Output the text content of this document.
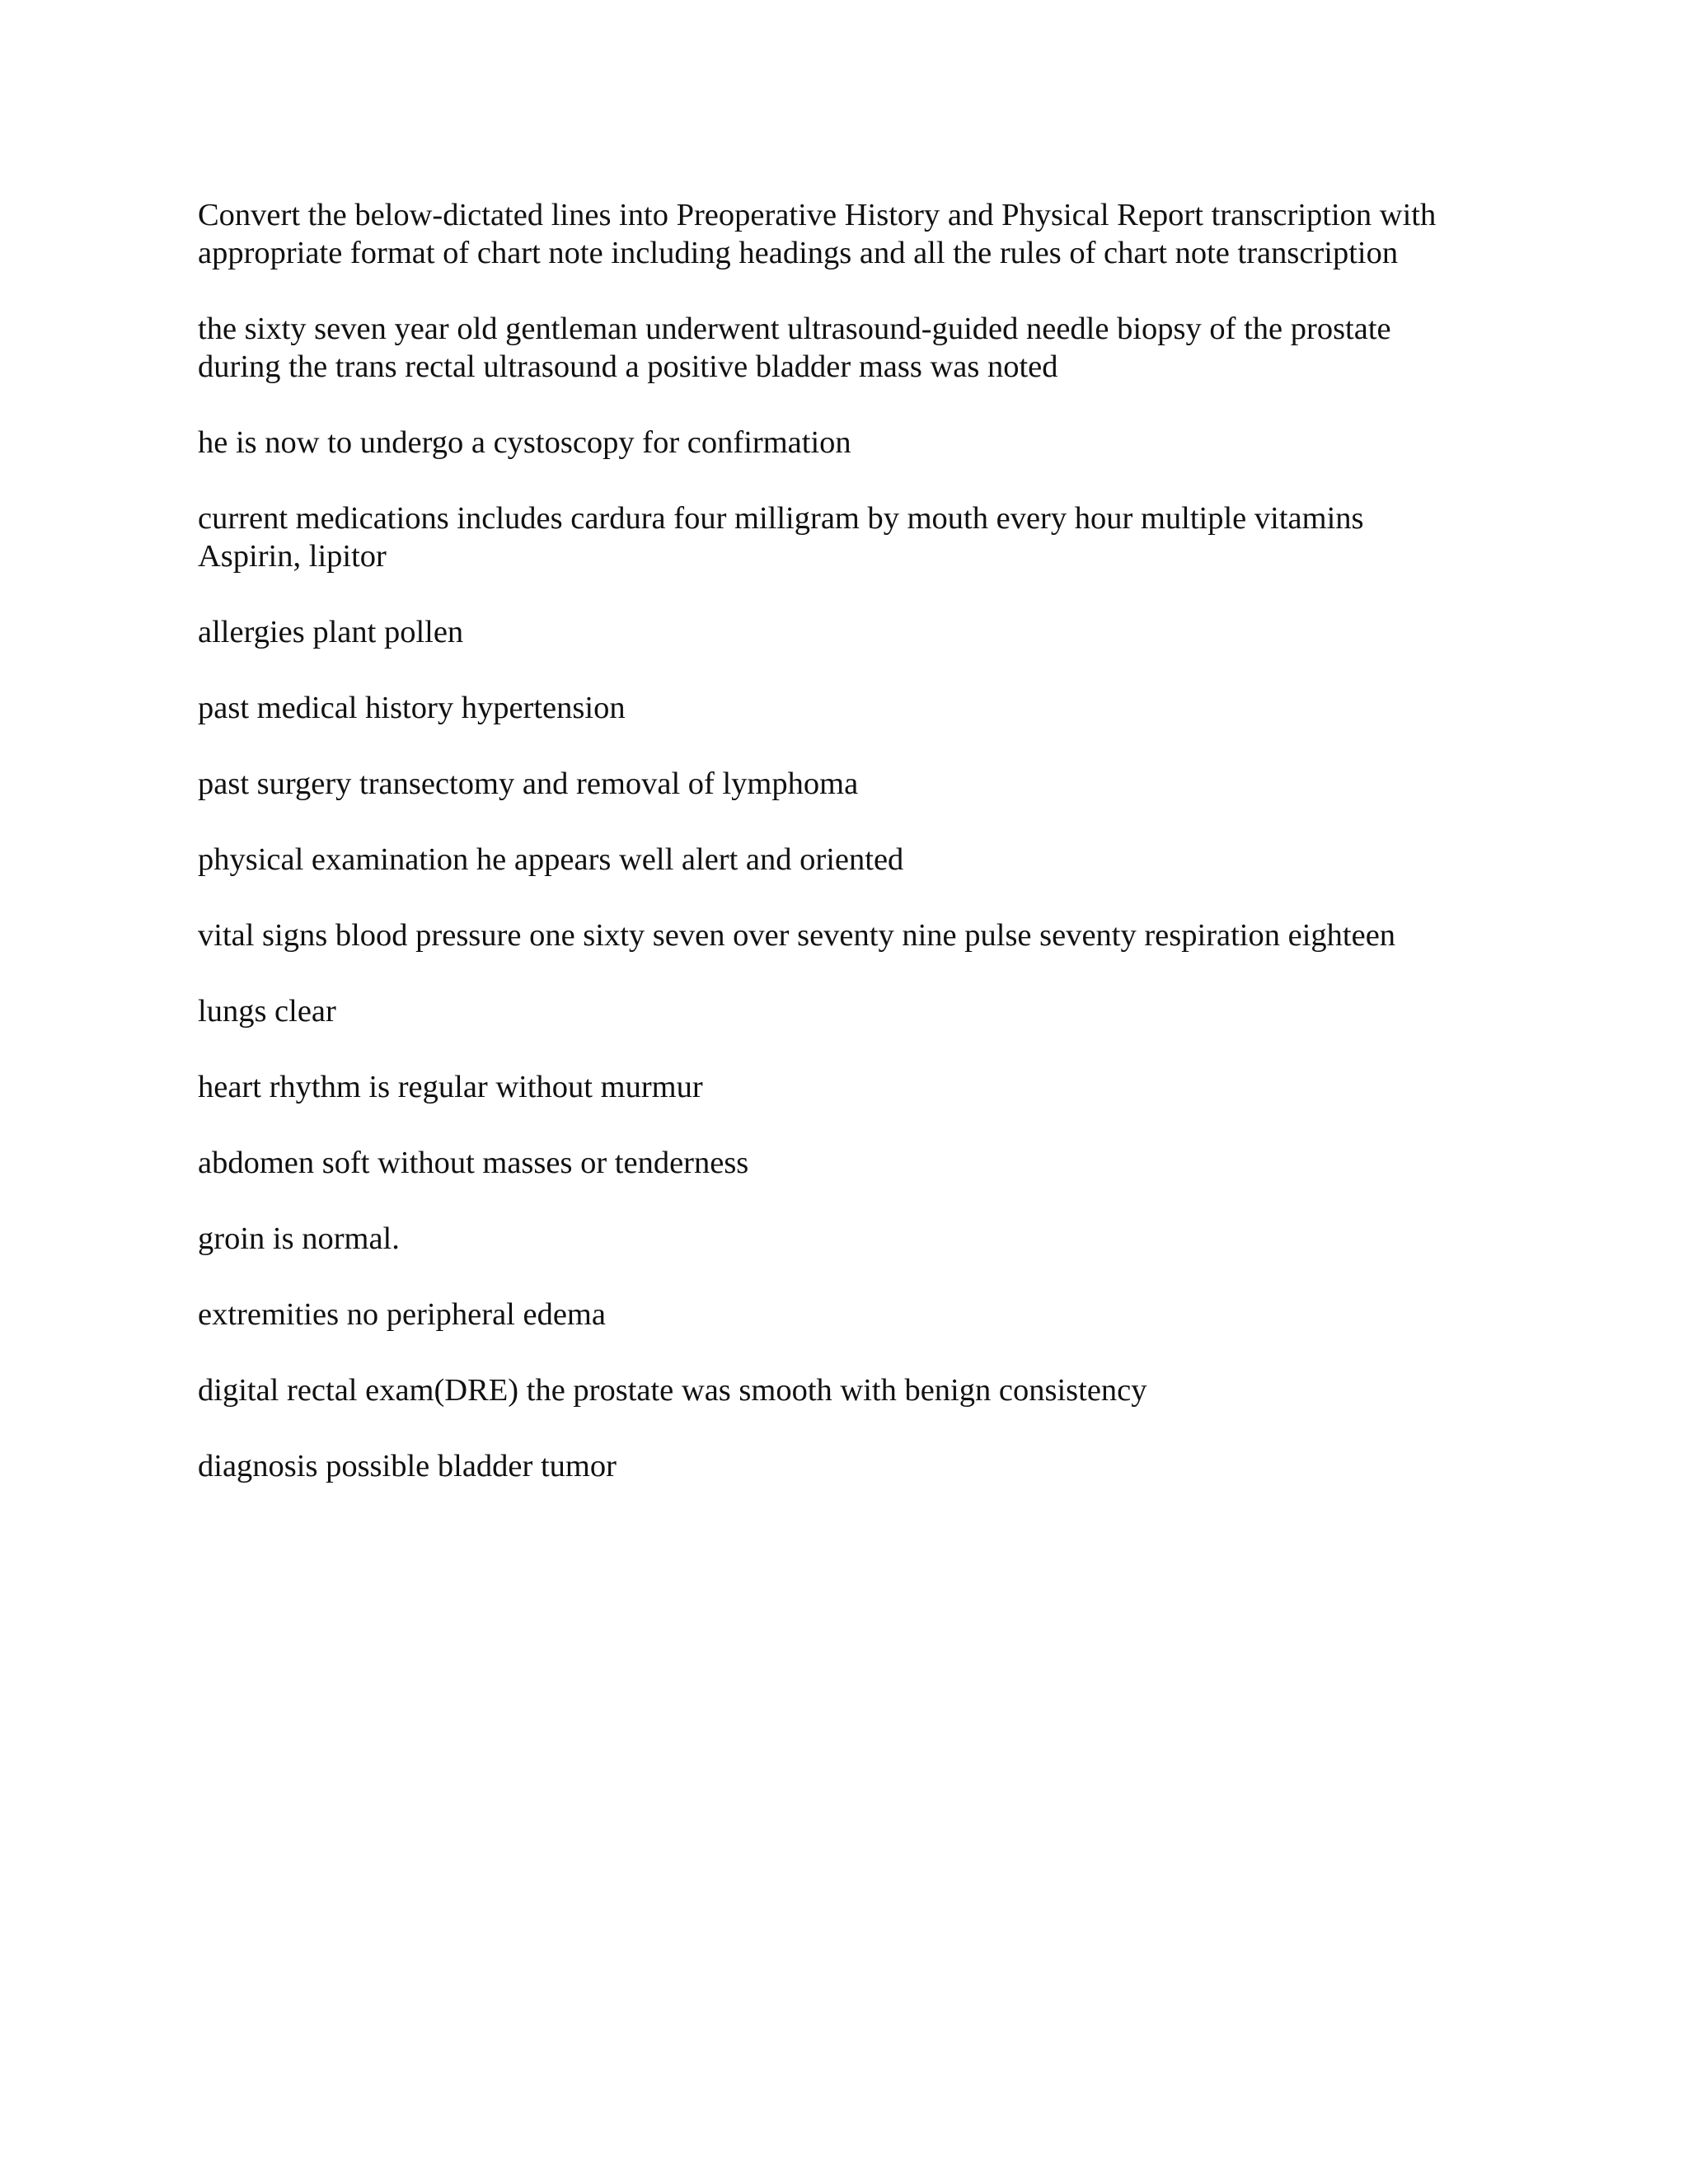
Convert the below-dictated lines into Preoperative History and Physical Report transcription with appropriate format of chart note including headings and all the rules of chart note transcription

the sixty seven year old gentleman underwent ultrasound-guided needle biopsy of the prostate during the trans rectal ultrasound a positive bladder mass was noted

he is now to undergo a cystoscopy for confirmation

current medications includes cardura four milligram by mouth every hour multiple vitamins Aspirin, lipitor

allergies plant pollen

past medical history hypertension

past surgery transectomy and removal of lymphoma

physical examination he appears well alert and oriented

vital signs blood pressure one sixty seven over seventy nine pulse seventy respiration eighteen

lungs clear

heart rhythm is regular without murmur

abdomen soft without masses or tenderness

groin is normal.

extremities no peripheral edema

digital rectal exam(DRE) the prostate was smooth with benign consistency

diagnosis possible bladder tumor
